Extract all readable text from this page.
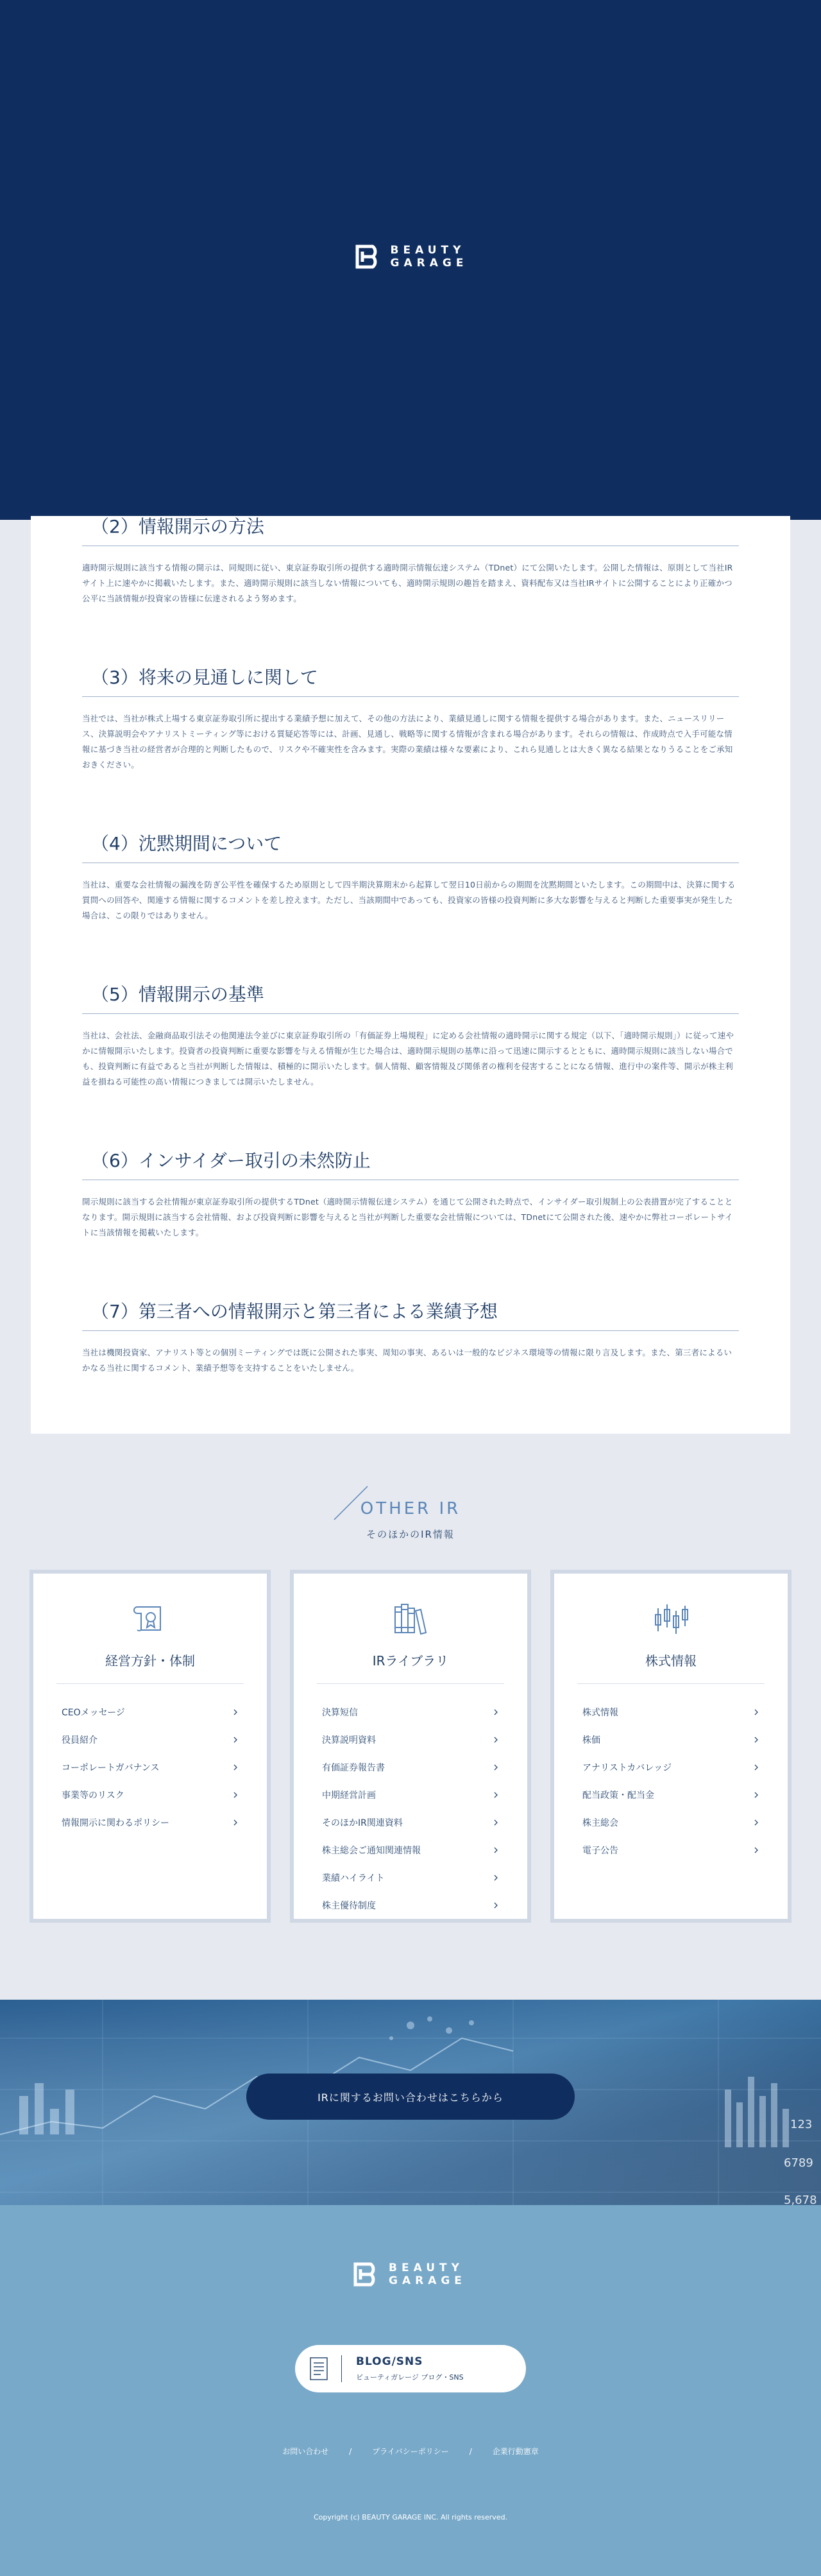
BEAUTY
GARAGE
（2）情報開示の方法

適時開示規則に該当する情報の開示は、同規則に従い、東京証券取引所の提供する適時開示情報伝達システム（TDnet）にて公開いたします。公開した情報は、原則として当社IRサイト上に速やかに掲載いたします。また、適時開示規則に該当しない情報についても、適時開示規則の趣旨を踏まえ、資料配布又は当社IRサイトに公開することにより正確かつ公平に当該情報が投資家の皆様に伝達されるよう努めます。

（3）将来の見通しに関して

当社では、当社が株式上場する東京証券取引所に提出する業績予想に加えて、その他の方法により、業績見通しに関する情報を提供する場合があります。また、ニュースリリース、決算説明会やアナリストミーティング等における質疑応答等には、計画、見通し、戦略等に関する情報が含まれる場合があります。それらの情報は、作成時点で入手可能な情報に基づき当社の経営者が合理的と判断したもので、リスクや不確実性を含みます。実際の業績は様々な要素により、これら見通しとは大きく異なる結果となりうることをご承知おきください。

（4）沈黙期間について

当社は、重要な会社情報の漏洩を防ぎ公平性を確保するため原則として四半期決算期末から起算して翌日10日前からの期間を沈黙期間といたします。この期間中は、決算に関する質問への回答や、関連する情報に関するコメントを差し控えます。ただし、当該期間中であっても、投資家の皆様の投資判断に多大な影響を与えると判断した重要事実が発生した場合は、この限りではありません。

（5）情報開示の基準

当社は、会社法、金融商品取引法その他関連法令並びに東京証券取引所の「有価証券上場規程」に定める会社情報の適時開示に関する規定（以下、「適時開示規則」）に従って速やかに情報開示いたします。投資者の投資判断に重要な影響を与える情報が生じた場合は、適時開示規則の基準に沿って迅速に開示するとともに、適時開示規則に該当しない場合でも、投資判断に有益であると当社が判断した情報は、積極的に開示いたします。個人情報、顧客情報及び関係者の権利を侵害することになる情報、進行中の案件等、開示が株主利益を損ねる可能性の高い情報につきましては開示いたしません。

（6）インサイダー取引の未然防止

開示規則に該当する会社情報が東京証券取引所の提供するTDnet（適時開示情報伝達システム）を通じて公開された時点で、インサイダー取引規制上の公表措置が完了することとなります。開示規則に該当する会社情報、および投資判断に影響を与えると当社が判断した重要な会社情報については、TDnetにて公開された後、速やかに弊社コーポレートサイトに当該情報を掲載いたします。

（7）第三者への情報開示と第三者による業績予想

当社は機関投資家、アナリスト等との個別ミーティングでは既に公開された事実、周知の事実、あるいは一般的なビジネス環境等の情報に限り言及します。また、第三者によるいかなる当社に関するコメント、業績予想等を支持することをいたしません。

OTHER IR
そのほかのIR情報
経営方針・体制
CEOメッセージ
役員紹介
コーポレートガバナンス
事業等のリスク
情報開示に関わるポリシー
IRライブラリ
決算短信
決算説明資料
有価証券報告書
中期経営計画
そのほかIR関連資料
株主総会ご通知関連情報
業績ハイライト
株主優待制度
株式情報
株式情報
株価
アナリストカバレッジ
配当政策・配当金
株主総会
電子公告
123
6789
5,678
IRに関するお問い合わせはこちらから
BEAUTY
GARAGE
BLOG/SNS
ビューティガレージ ブログ・SNS
お問い合わせ	/	プライバシーポリシー	/	企業行動憲章
Copyright (c) BEAUTY GARAGE INC. All rights reserved.
